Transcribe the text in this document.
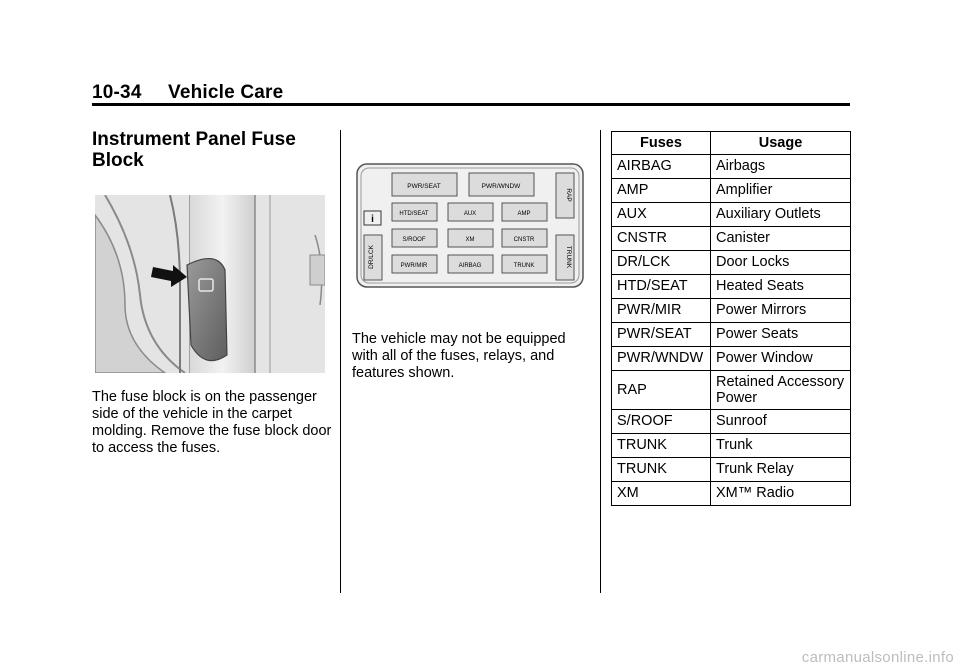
10-34 Vehicle Care
Instrument Panel Fuse Block
The fuse block is on the passenger side of the vehicle in the carpet molding. Remove the fuse block door to access the fuses.
PWR/SEAT	PWR/WNDW
RAP
i	HTD/SEAT	AUX	AMP
DR/LCK
S/ROOF	XM	CNSTR
TRUNK
PWR/MIR	AIRBAG	TRUNK
The vehicle may not be equipped with all of the fuses, relays, and features shown.
Fuses	Usage
AIRBAG	Airbags
AMP	Amplifier
AUX	Auxiliary Outlets
CNSTR	Canister
DR/LCK	Door Locks
HTD/SEAT	Heated Seats
PWR/MIR	Power Mirrors
PWR/SEAT	Power Seats
PWR/WNDW	Power Window
RAP	Retained Accessory Power
S/ROOF	Sunroof
TRUNK	Trunk
TRUNK	Trunk Relay
XM	XM™ Radio
carmanualsonline.info
